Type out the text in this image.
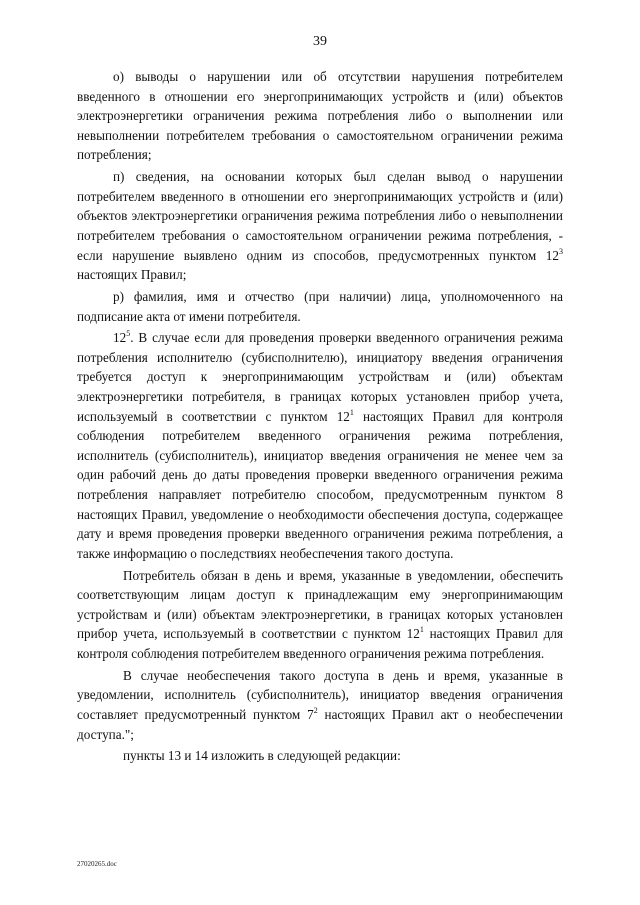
39

о) выводы о нарушении или об отсутствии нарушения потребителем введенного в отношении его энергопринимающих устройств и (или) объектов электроэнергетики ограничения режима потребления либо о выполнении или невыполнении потребителем требования о самостоятельном ограничении режима потребления;

п) сведения, на основании которых был сделан вывод о нарушении потребителем введенного в отношении его энергопринимающих устройств и (или) объектов электроэнергетики ограничения режима потребления либо о невыполнении потребителем требования о самостоятельном ограничении режима потребления, - если нарушение выявлено одним из способов, предусмотренных пунктом $12^3$ настоящих Правил;

р) фамилия, имя и отчество (при наличии) лица, уполномоченного на подписание акта от имени потребителя.

$12^5$. В случае если для проведения проверки введенного ограничения режима потребления исполнителю (субисполнителю), инициатору введения ограничения требуется доступ к энергопринимающим устройствам и (или) объектам электроэнергетики потребителя, в границах которых установлен прибор учета, используемый в соответствии с пунктом $12^1$ настоящих Правил для контроля соблюдения потребителем введенного ограничения режима потребления, исполнитель (субисполнитель), инициатор введения ограничения не менее чем за один рабочий день до даты проведения проверки введенного ограничения режима потребления направляет потребителю способом, предусмотренным пунктом 8 настоящих Правил, уведомление о необходимости обеспечения доступа, содержащее дату и время проведения проверки введенного ограничения режима потребления, а также информацию о последствиях необеспечения такого доступа.

Потребитель обязан в день и время, указанные в уведомлении, обеспечить соответствующим лицам доступ к принадлежащим ему энергопринимающим устройствам и (или) объектам электроэнергетики, в границах которых установлен прибор учета, используемый в соответствии с пунктом $12^1$ настоящих Правил для контроля соблюдения потребителем введенного ограничения режима потребления.

В случае необеспечения такого доступа в день и время, указанные в уведомлении, исполнитель (субисполнитель), инициатор введения ограничения составляет предусмотренный пунктом $7^2$ настоящих Правил акт о необеспечении доступа.";

пункты 13 и 14 изложить в следующей редакции:

27020265.doc
